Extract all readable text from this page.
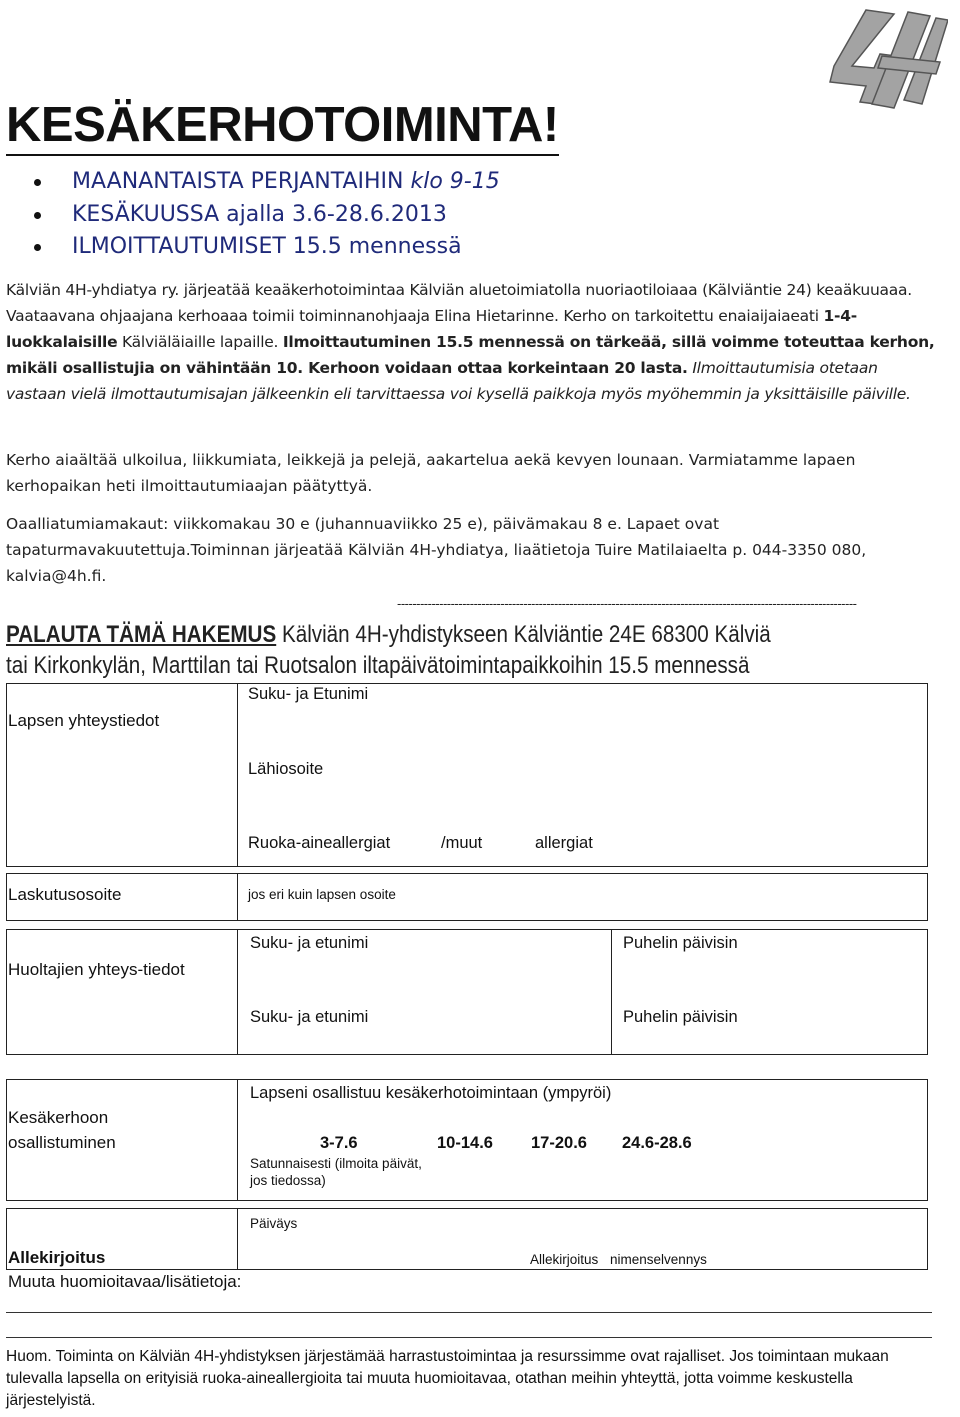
KESÄKERHOTOIMINTA!
MAANANTAISTA PERJANTAIHIN klo 9-15
KESÄKUUSSA ajalla 3.6-28.6.2013
ILMOITTAUTUMISET 15.5 mennessä
Kälviän 4H-yhdiatya ry. järjeatää keaäkerhotoimintaa Kälviän aluetoimiatolla nuoriaotiloiaaa (Kälviäntie 24) keaäkuuaaa. Vaataavana ohjaajana kerhoaaa toimii toiminnanohjaaja Elina Hietarinne. Kerho on tarkoitettu enaiaijaiaeati 1-4-luokkalaisille Kälviäläiaille lapaille. Ilmoittautuminen 15.5 mennessä on tärkeää, sillä voimme toteuttaa kerhon, mikäli osallistujia on vähintään 10. Kerhoon voidaan ottaa korkeintaan 20 lasta. Ilmoittautumisia otetaan vastaan vielä ilmottautumisajan jälkeenkin eli tarvittaessa voi kysellä paikkoja myös myöhemmin ja yksittäisille päiville.
Kerho aiaältää ulkoilua, liikkumiata, leikkejä ja pelejä, aakartelua aekä kevyen lounaan. Varmiatamme lapaen kerhopaikan heti ilmoittautumiaajan päätyttyä.
Oaalliatumiamakaut: viikkomakau 30 e (juhannuaviikko 25 e), päivämakau 8 e. Lapaet ovat tapaturmavakuutettuja.Toiminnan järjeatää Kälviän 4H-yhdiatya, liaätietoja Tuire Matilaiaelta p. 044-3350 080, kalvia@4h.fi.
------------------------------------------------------------------------------------------------------------------------
PALAUTA TÄMÄ HAKEMUS Kälviän 4H-yhdistykseen Kälviäntie 24E 68300 Kälviä
tai Kirkonkylän, Marttilan tai Ruotsalon iltapäivätoimintapaikkoihin 15.5 mennessä
Lapsen yhteystiedot
Suku- ja Etunimi
Lähiosoite
Ruoka-aineallergiat	/muut	allergiat
Laskutusosoite	jos eri kuin lapsen osoite
Huoltajien yhteys-tiedot
Suku- ja etunimi	Puhelin päivisin
Suku- ja etunimi	Puhelin päivisin
Kesäkerhoon osallistuminen
Lapseni osallistuu kesäkerhotoimintaan (ympyröi)
3-7.6	10-14.6 17-20.6 24.6-28.6
Satunnaisesti (ilmoita päivät, jos tiedossa)
Allekirjoitus
Päiväys
Allekirjoitus nimenselvennys
Muuta huomioitavaa/lisätietoja:
Huom. Toiminta on Kälviän 4H-yhdistyksen järjestämää harrastustoimintaa ja resurssimme ovat rajalliset. Jos toimintaan mukaan tulevalla lapsella on erityisiä ruoka-aineallergioita tai muuta huomioitavaa, otathan meihin yhteyttä, jotta voimme keskustella järjestelyistä.
